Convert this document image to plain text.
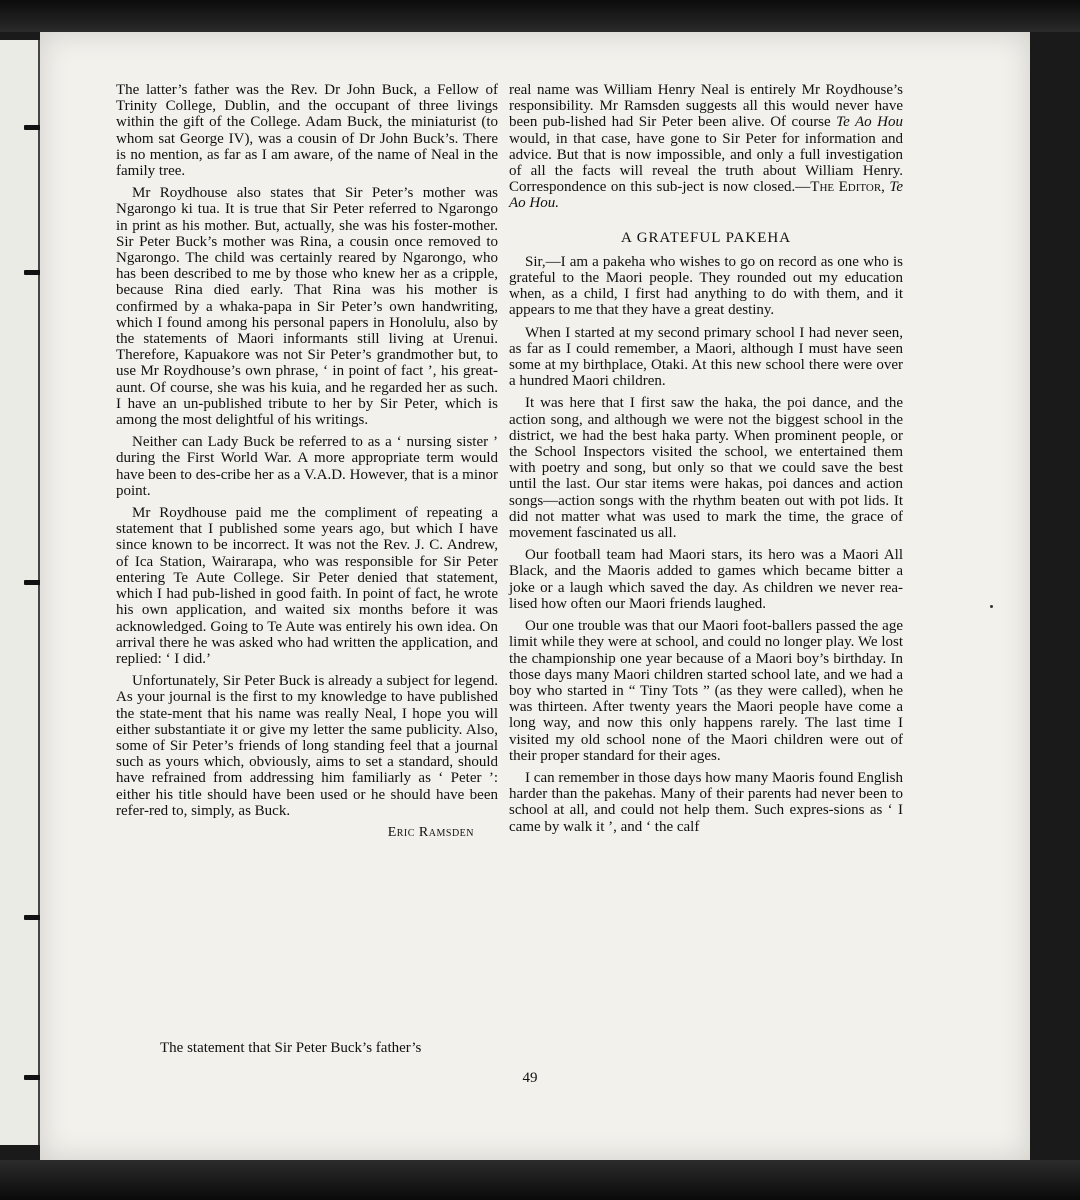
The latter’s father was the Rev. Dr John Buck, a Fellow of Trinity College, Dublin, and the occupant of three livings within the gift of the College. Adam Buck, the miniaturist (to whom sat George IV), was a cousin of Dr John Buck’s. There is no mention, as far as I am aware, of the name of Neal in the family tree.

Mr Roydhouse also states that Sir Peter’s mother was Ngarongo ki tua. It is true that Sir Peter referred to Ngarongo in print as his mother. But, actually, she was his foster-mother. Sir Peter Buck’s mother was Rina, a cousin once removed to Ngarongo. The child was certainly reared by Ngarongo, who has been described to me by those who knew her as a cripple, because Rina died early. That Rina was his mother is confirmed by a whaka-papa in Sir Peter’s own handwriting, which I found among his personal papers in Honolulu, also by the statements of Maori informants still living at Urenui. Therefore, Kapuakore was not Sir Peter’s grandmother but, to use Mr Roydhouse’s own phrase, ‘ in point of fact ’, his great-aunt. Of course, she was his kuia, and he regarded her as such. I have an un-published tribute to her by Sir Peter, which is among the most delightful of his writings.

Neither can Lady Buck be referred to as a ‘ nursing sister ’ during the First World War. A more appropriate term would have been to des-cribe her as a V.A.D. However, that is a minor point.

Mr Roydhouse paid me the compliment of repeating a statement that I published some years ago, but which I have since known to be incorrect. It was not the Rev. J. C. Andrew, of Ica Station, Wairarapa, who was responsible for Sir Peter entering Te Aute College. Sir Peter denied that statement, which I had pub-lished in good faith. In point of fact, he wrote his own application, and waited six months before it was acknowledged. Going to Te Aute was entirely his own idea. On arrival there he was asked who had written the application, and replied: ‘ I did.’

Unfortunately, Sir Peter Buck is already a subject for legend. As your journal is the first to my knowledge to have published the state-ment that his name was really Neal, I hope you will either substantiate it or give my letter the same publicity. Also, some of Sir Peter’s friends of long standing feel that a journal such as yours which, obviously, aims to set a standard, should have refrained from addressing him familiarly as ‘ Peter ’: either his title should have been used or he should have been refer-red to, simply, as Buck.

Eric Ramsden
The statement that Sir Peter Buck’s father’s

real name was William Henry Neal is entirely Mr Roydhouse’s responsibility. Mr Ramsden suggests all this would never have been pub-lished had Sir Peter been alive. Of course Te Ao Hou would, in that case, have gone to Sir Peter for information and advice. But that is now impossible, and only a full investigation of all the facts will reveal the truth about William Henry. Correspondence on this sub-ject is now closed.—The Editor, Te Ao Hou.

A GRATEFUL PAKEHA

Sir,—I am a pakeha who wishes to go on record as one who is grateful to the Maori people. They rounded out my education when, as a child, I first had anything to do with them, and it appears to me that they have a great destiny.

When I started at my second primary school I had never seen, as far as I could remember, a Maori, although I must have seen some at my birthplace, Otaki. At this new school there were over a hundred Maori children.

It was here that I first saw the haka, the poi dance, and the action song, and although we were not the biggest school in the district, we had the best haka party. When prominent people, or the School Inspectors visited the school, we entertained them with poetry and song, but only so that we could save the best until the last. Our star items were hakas, poi dances and action songs—action songs with the rhythm beaten out with pot lids. It did not matter what was used to mark the time, the grace of movement fascinated us all.

Our football team had Maori stars, its hero was a Maori All Black, and the Maoris added to games which became bitter a joke or a laugh which saved the day. As children we never rea-lised how often our Maori friends laughed.

Our one trouble was that our Maori foot-ballers passed the age limit while they were at school, and could no longer play. We lost the championship one year because of a Maori boy’s birthday. In those days many Maori children started school late, and we had a boy who started in “ Tiny Tots ” (as they were called), when he was thirteen. After twenty years the Maori people have come a long way, and now this only happens rarely. The last time I visited my old school none of the Maori children were out of their proper standard for their ages.

I can remember in those days how many Maoris found English harder than the pakehas. Many of their parents had never been to school at all, and could not help them. Such expres-sions as ‘ I came by walk it ’, and ‘ the calf

49
